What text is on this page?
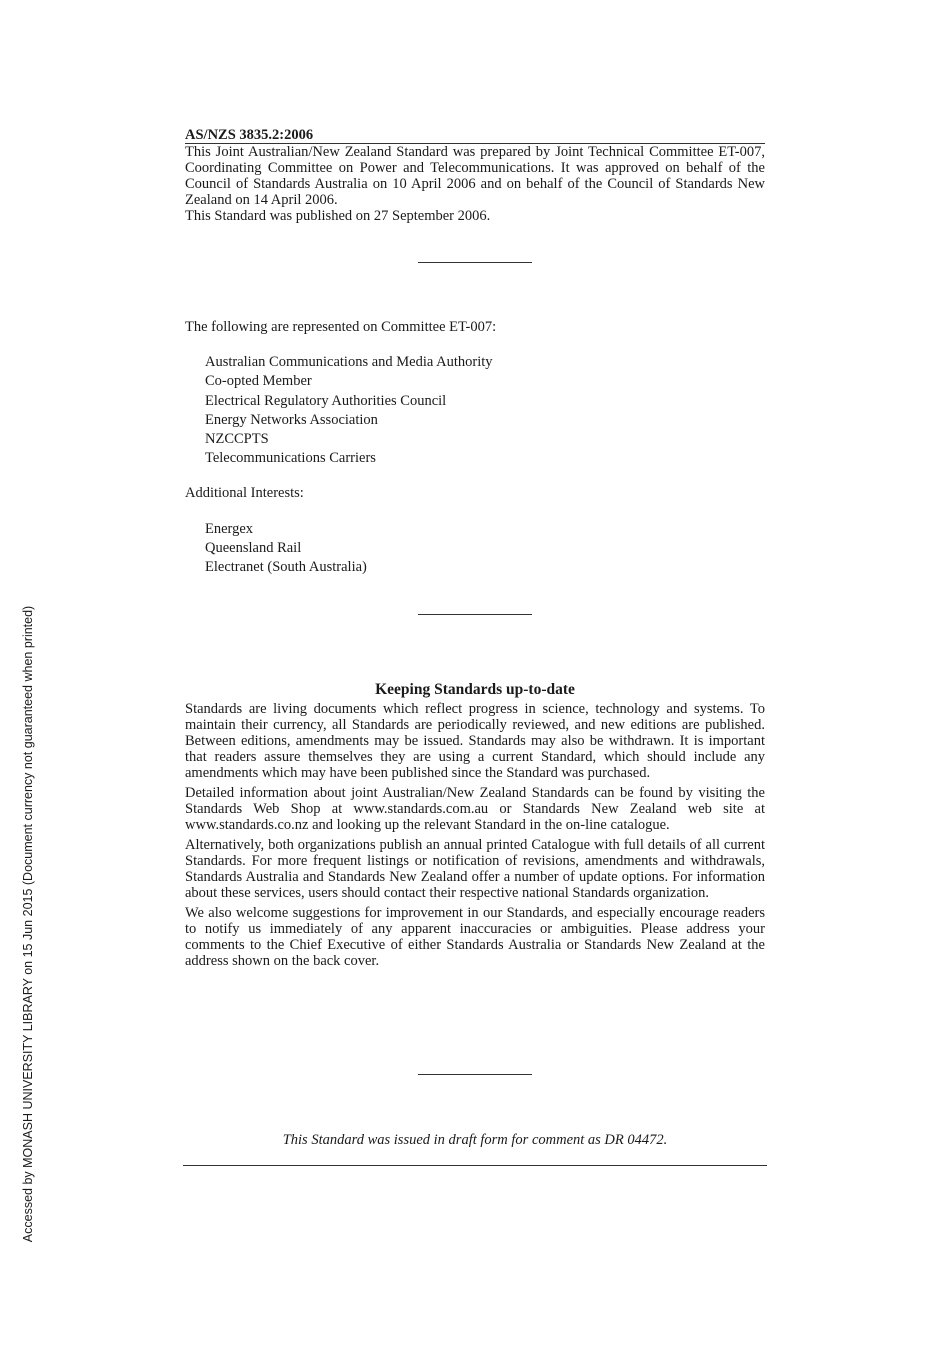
AS/NZS 3835.2:2006

This Joint Australian/New Zealand Standard was prepared by Joint Technical Committee ET-007, Coordinating Committee on Power and Telecommunications. It was approved on behalf of the Council of Standards Australia on 10 April 2006 and on behalf of the Council of Standards New Zealand on 14 April 2006.

This Standard was published on 27 September 2006.

The following are represented on Committee ET-007:

Australian Communications and Media Authority
Co-opted Member
Electrical Regulatory Authorities Council
Energy Networks Association
NZCCPTS
Telecommunications Carriers

Additional Interests:

Energex
Queensland Rail
Electranet (South Australia)
Keeping Standards up-to-date

Standards are living documents which reflect progress in science, technology and systems. To maintain their currency, all Standards are periodically reviewed, and new editions are published. Between editions, amendments may be issued. Standards may also be withdrawn. It is important that readers assure themselves they are using a current Standard, which should include any amendments which may have been published since the Standard was purchased.

Detailed information about joint Australian/New Zealand Standards can be found by visiting the Standards Web Shop at www.standards.com.au or Standards New Zealand web site at www.standards.co.nz and looking up the relevant Standard in the on-line catalogue.

Alternatively, both organizations publish an annual printed Catalogue with full details of all current Standards. For more frequent listings or notification of revisions, amendments and withdrawals, Standards Australia and Standards New Zealand offer a number of update options. For information about these services, users should contact their respective national Standards organization.

We also welcome suggestions for improvement in our Standards, and especially encourage readers to notify us immediately of any apparent inaccuracies or ambiguities. Please address your comments to the Chief Executive of either Standards Australia or Standards New Zealand at the address shown on the back cover.

This Standard was issued in draft form for comment as DR 04472.
Accessed by MONASH UNIVERSITY LIBRARY on 15 Jun 2015 (Document currency not guaranteed when printed)
